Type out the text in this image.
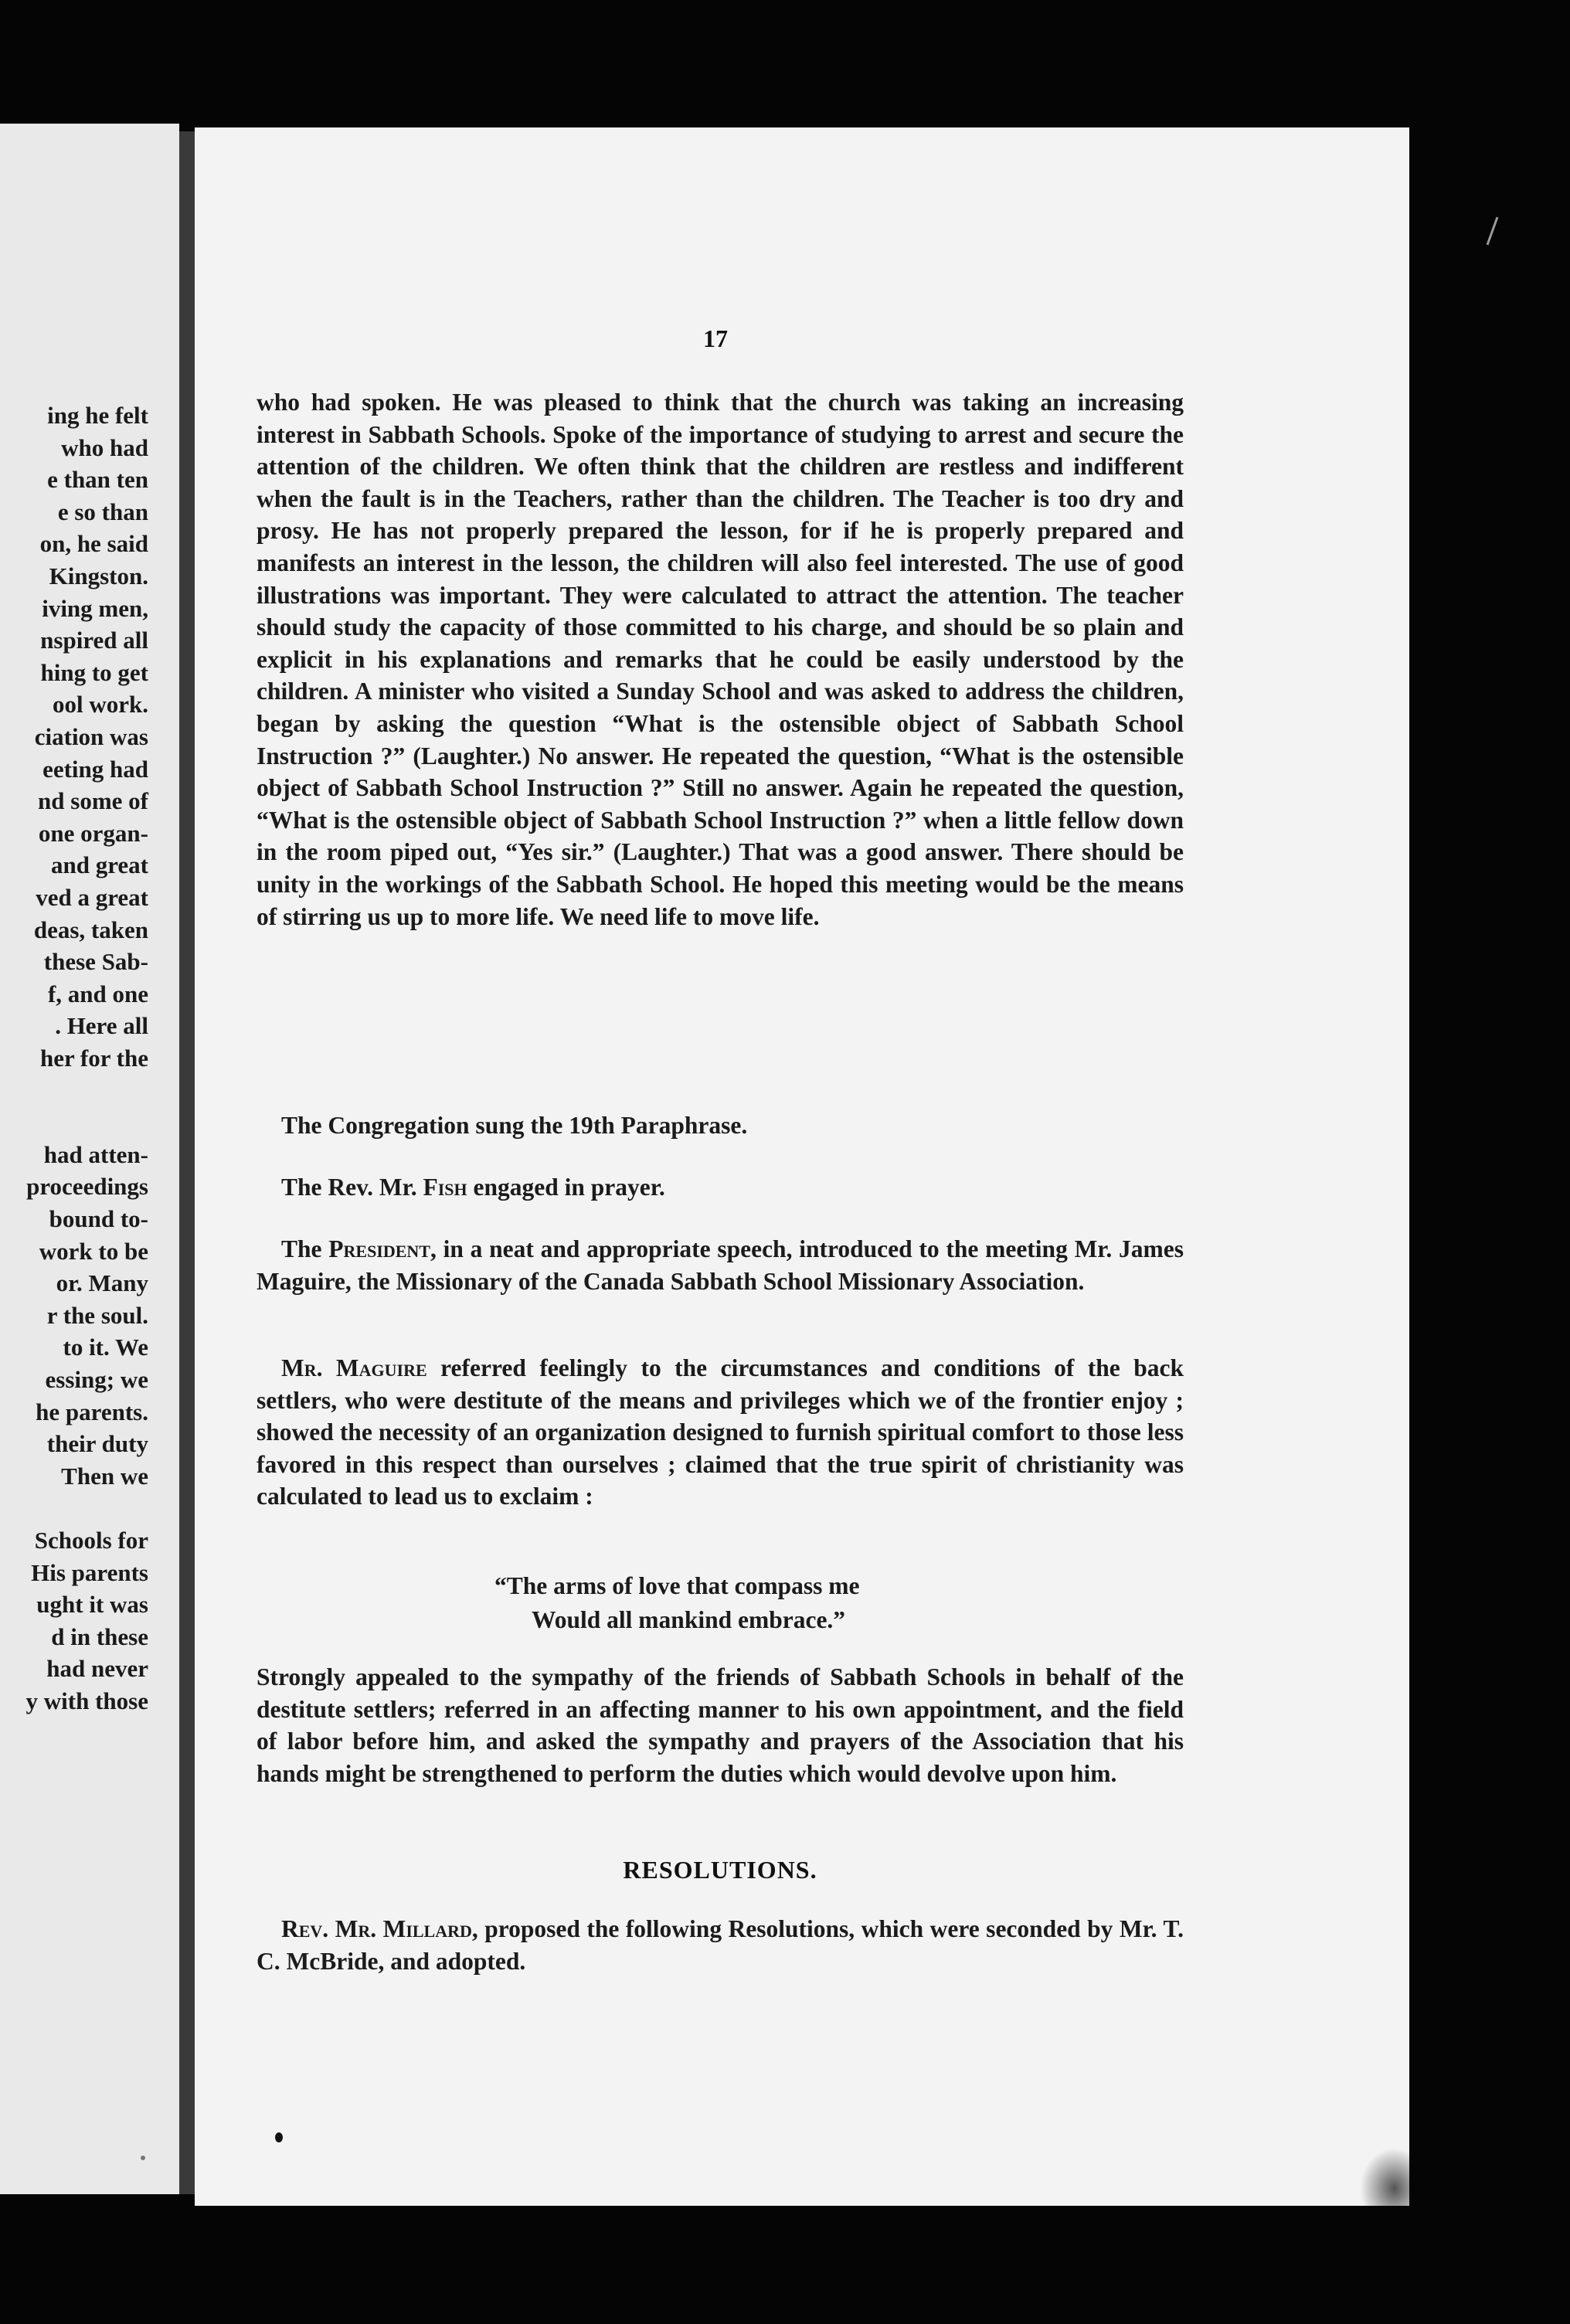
ing he felt
who had
e than ten
e so than
on, he said
Kingston.
iving men,
nspired all
hing to get
ool work.
ciation was
eeting had
nd some of
one organ-
and great
ved a great
deas, taken
these Sab-
f, and one
. Here all
her for the
had atten-
proceedings
bound to-
work to be
or. Many
r the soul.
to it. We
essing; we
he parents.
their duty
Then we
Schools for
His parents
ught it was
d in these
had never
y with those
17
who had spoken. He was pleased to think that the church was taking an increasing interest in Sabbath Schools. Spoke of the importance of studying to arrest and secure the attention of the children. We often think that the children are restless and indifferent when the fault is in the Teachers, rather than the children. The Teacher is too dry and prosy. He has not properly prepared the lesson, for if he is properly prepared and manifests an interest in the lesson, the children will also feel interested. The use of good illustrations was important. They were calculated to attract the attention. The teacher should study the capacity of those committed to his charge, and should be so plain and explicit in his explanations and remarks that he could be easily understood by the children. A minister who visited a Sunday School and was asked to address the children, began by asking the question “What is the ostensible object of Sabbath School Instruction ?” (Laughter.) No answer. He repeated the question, “What is the ostensible object of Sabbath School Instruction ?” Still no answer. Again he repeated the question, “What is the ostensible object of Sabbath School Instruction ?” when a little fellow down in the room piped out, “Yes sir.” (Laughter.) That was a good answer. There should be unity in the workings of the Sabbath School. He hoped this meeting would be the means of stirring us up to more life. We need life to move life.
The Congregation sung the 19th Paraphrase.
The Rev. Mr. Fish engaged in prayer.
The President, in a neat and appropriate speech, introduced to the meeting Mr. James Maguire, the Missionary of the Canada Sabbath School Missionary Association.
Mr. Maguire referred feelingly to the circumstances and conditions of the back settlers, who were destitute of the means and privileges which we of the frontier enjoy ; showed the necessity of an organization designed to furnish spiritual comfort to those less favored in this respect than ourselves ; claimed that the true spirit of christianity was calculated to lead us to exclaim :
“The arms of love that compass me
Would all mankind embrace.”
Strongly appealed to the sympathy of the friends of Sabbath Schools in behalf of the destitute settlers; referred in an affecting manner to his own appointment, and the field of labor before him, and asked the sympathy and prayers of the Association that his hands might be strengthened to perform the duties which would devolve upon him.
RESOLUTIONS.
Rev. Mr. Millard, proposed the following Resolutions, which were seconded by Mr. T. C. McBride, and adopted.
